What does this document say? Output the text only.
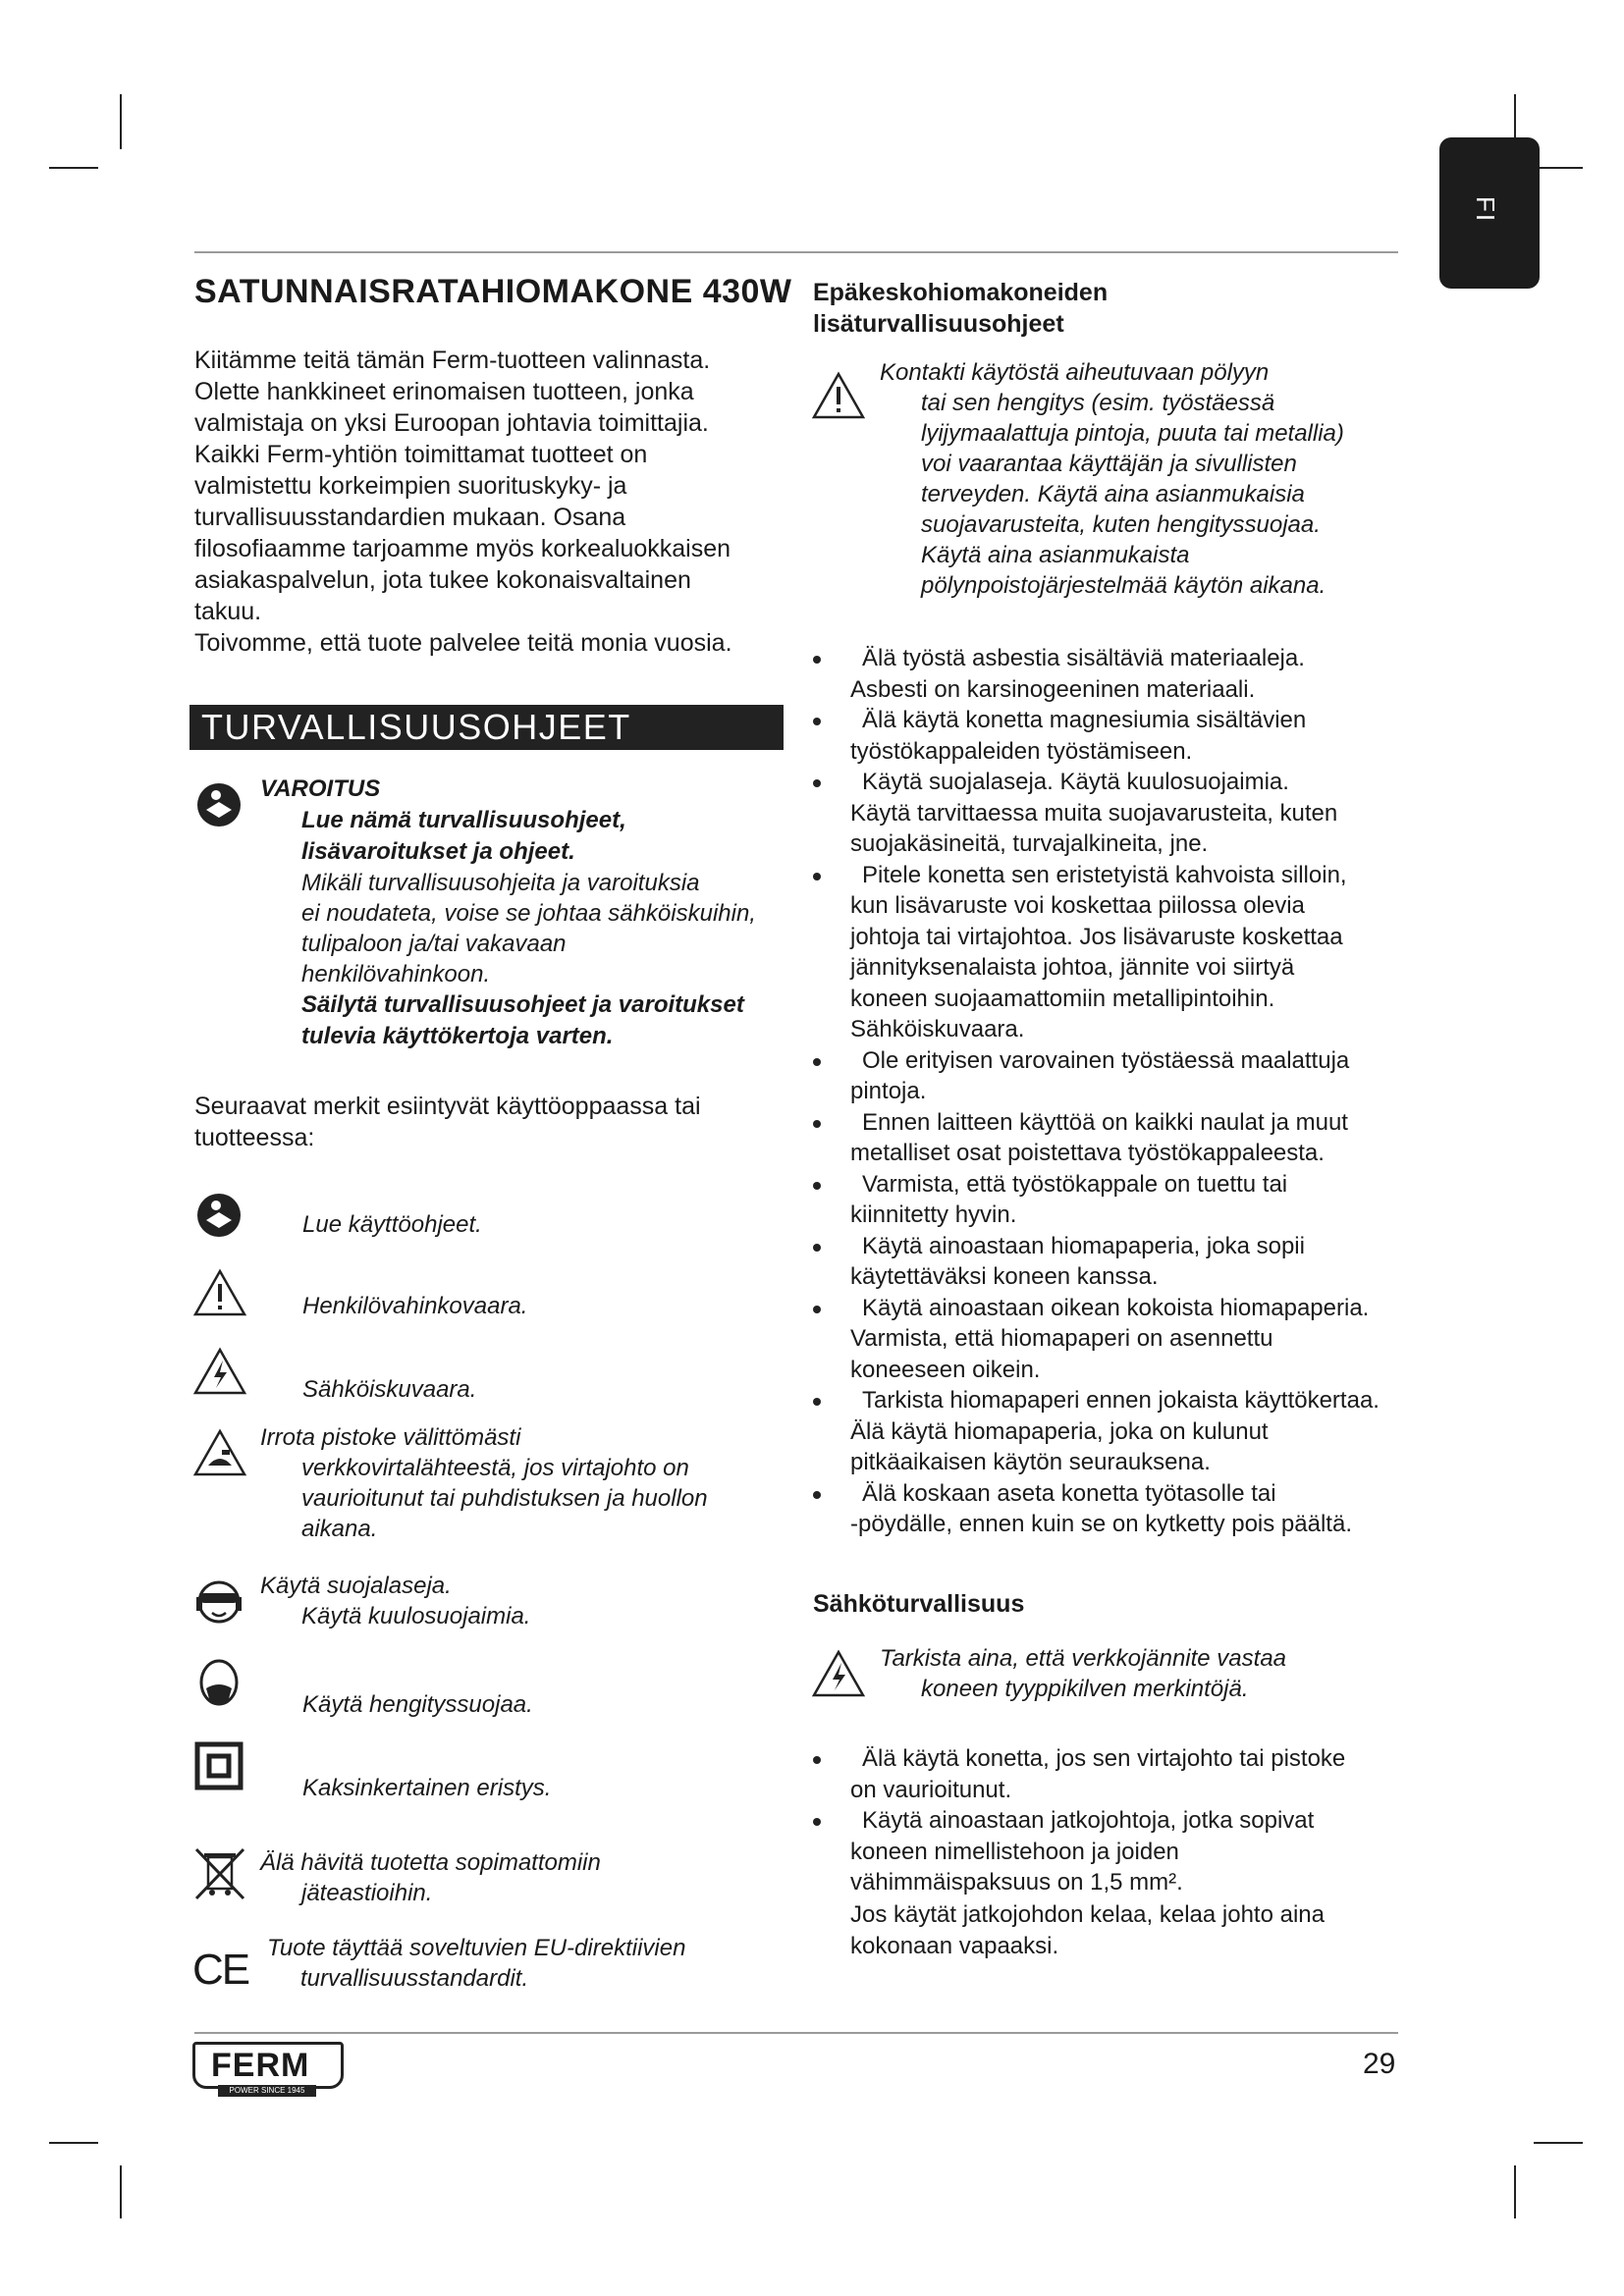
FI
SATUNNAISRATAHIOMAKONE 430W
Kiitämme teitä tämän Ferm-tuotteen valinnasta.
Olette hankkineet erinomaisen tuotteen, jonka
valmistaja on yksi Euroopan johtavia toimittajia.
Kaikki Ferm-yhtiön toimittamat tuotteet on
valmistettu korkeimpien suorituskyky- ja
turvallisuusstandardien mukaan. Osana
filosofiaamme tarjoamme myös korkealuokkaisen
asiakaspalvelun, jota tukee kokonaisvaltainen
takuu.
Toivomme, että tuote palvelee teitä monia vuosia.
TURVALLISUUSOHJEET
VAROITUS
Lue nämä turvallisuusohjeet,
lisävaroitukset ja ohjeet.
Mikäli turvallisuusohjeita ja varoituksia
ei noudateta, voise se johtaa sähköiskuihin,
tulipaloon ja/tai vakavaan
henkilövahinkoon.
Säilytä turvallisuusohjeet ja varoitukset
tulevia käyttökertoja varten.
Seuraavat merkit esiintyvät käyttöoppaassa tai
tuotteessa:
Lue käyttöohjeet.
Henkilövahinkovaara.
Sähköiskuvaara.
Irrota pistoke välittömästi
verkkovirtalähteestä, jos virtajohto on
vaurioitunut tai puhdistuksen ja huollon
aikana.
Käytä suojalaseja.
Käytä kuulosuojaimia.
Käytä hengityssuojaa.
Kaksinkertainen eristys.
Älä hävitä tuotetta sopimattomiin
jäteastioihin.
CE Tuote täyttää soveltuvien EU-direktiivien
turvallisuusstandardit.
FERM
POWER SINCE 1945
29
Epäkeskohiomakoneiden
lisäturvallisuusohjeet
Kontakti käytöstä aiheutuvaan pölyyn
tai sen hengitys (esim. työstäessä
lyijymaalattuja pintoja, puuta tai metallia)
voi vaarantaa käyttäjän ja sivullisten
terveyden. Käytä aina asianmukaisia
suojavarusteita, kuten hengityssuojaa.
Käytä aina asianmukaista
pölynpoistojärjestelmää käytön aikana.
Älä työstä asbestia sisältäviä materiaaleja.
Asbesti on karsinogeeninen materiaali.
Älä käytä konetta magnesiumia sisältävien
työstökappaleiden työstämiseen.
Käytä suojalaseja. Käytä kuulosuojaimia.
Käytä tarvittaessa muita suojavarusteita, kuten
suojakäsineitä, turvajalkineita, jne.
Pitele konetta sen eristetyistä kahvoista silloin,
kun lisävaruste voi koskettaa piilossa olevia
johtoja tai virtajohtoa. Jos lisävaruste koskettaa
jännityksenalaista johtoa, jännite voi siirtyä
koneen suojaamattomiin metallipintoihin.
Sähköiskuvaara.
Ole erityisen varovainen työstäessä maalattuja
pintoja.
Ennen laitteen käyttöä on kaikki naulat ja muut
metalliset osat poistettava työstökappaleesta.
Varmista, että työstökappale on tuettu tai
kiinnitetty hyvin.
Käytä ainoastaan hiomapaperia, joka sopii
käytettäväksi koneen kanssa.
Käytä ainoastaan oikean kokoista hiomapaperia.
Varmista, että hiomapaperi on asennettu
koneeseen oikein.
Tarkista hiomapaperi ennen jokaista käyttökertaa.
Älä käytä hiomapaperia, joka on kulunut
pitkäaikaisen käytön seurauksena.
Älä koskaan aseta konetta työtasolle tai
-pöydälle, ennen kuin se on kytketty pois päältä.
Sähköturvallisuus
Tarkista aina, että verkkojännite vastaa
koneen tyyppikilven merkintöjä.
Älä käytä konetta, jos sen virtajohto tai pistoke
on vaurioitunut.
Käytä ainoastaan jatkojohtoja, jotka sopivat
koneen nimellistehoon ja joiden
vähimmäispaksuus on 1,5 mm².
Jos käytät jatkojohdon kelaa, kelaa johto aina
kokonaan vapaaksi.
